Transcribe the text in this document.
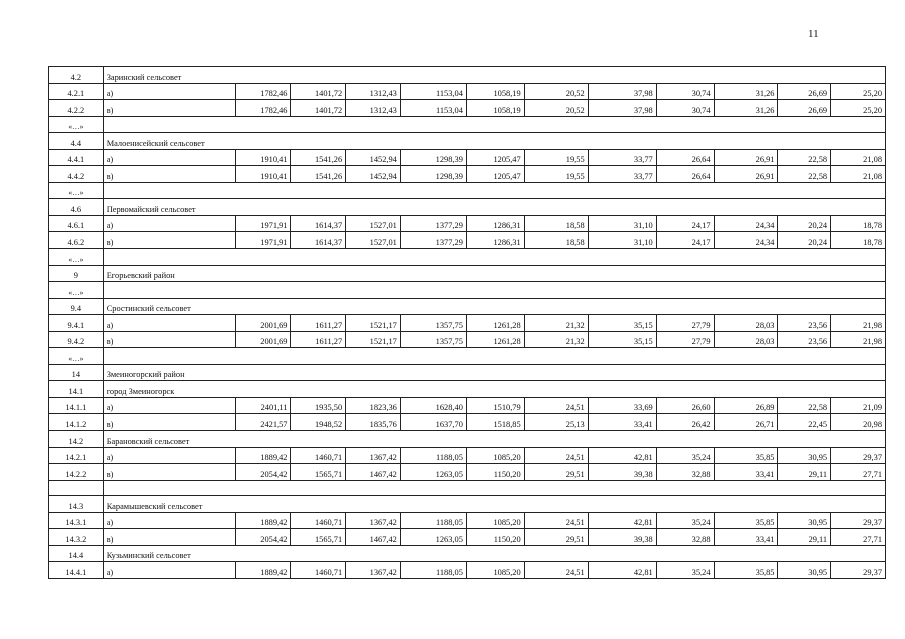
11
4.2	Заринский сельсовет											
4.2.1	а)	1782,46	1401,72	1312,43	1153,04	1058,19	20,52	37,98	30,74	31,26	26,69	25,20
4.2.2	в)	1782,46	1401,72	1312,43	1153,04	1058,19	20,52	37,98	30,74	31,26	26,69	25,20
«…»												
4.4	Малоенисейский сельсовет											
4.4.1	а)	1910,41	1541,26	1452,94	1298,39	1205,47	19,55	33,77	26,64	26,91	22,58	21,08
4.4.2	в)	1910,41	1541,26	1452,94	1298,39	1205,47	19,55	33,77	26,64	26,91	22,58	21,08
«…»												
4.6	Первомайский сельсовет											
4.6.1	а)	1971,91	1614,37	1527,01	1377,29	1286,31	18,58	31,10	24,17	24,34	20,24	18,78
4.6.2	в)	1971,91	1614,37	1527,01	1377,29	1286,31	18,58	31,10	24,17	24,34	20,24	18,78
«…»												
9	Егорьевский район											
«…»												
9.4	Сростинский сельсовет											
9.4.1	а)	2001,69	1611,27	1521,17	1357,75	1261,28	21,32	35,15	27,79	28,03	23,56	21,98
9.4.2	в)	2001,69	1611,27	1521,17	1357,75	1261,28	21,32	35,15	27,79	28,03	23,56	21,98
«…»												
14	Змеиногорский район											
14.1	город Змеиногорск											
14.1.1	а)	2401,11	1935,50	1823,36	1628,40	1510,79	24,51	33,69	26,60	26,89	22,58	21,09
14.1.2	в)	2421,57	1948,52	1835,76	1637,70	1518,85	25,13	33,41	26,42	26,71	22,45	20,98
14.2	Барановский сельсовет											
14.2.1	а)	1889,42	1460,71	1367,42	1188,05	1085,20	24,51	42,81	35,24	35,85	30,95	29,37
14.2.2	в)	2054,42	1565,71	1467,42	1263,05	1150,20	29,51	39,38	32,88	33,41	29,11	27,71

14.3	Карамышевский сельсовет											
14.3.1	а)	1889,42	1460,71	1367,42	1188,05	1085,20	24,51	42,81	35,24	35,85	30,95	29,37
14.3.2	в)	2054,42	1565,71	1467,42	1263,05	1150,20	29,51	39,38	32,88	33,41	29,11	27,71
14.4	Кузьминский сельсовет											
14.4.1	а)	1889,42	1460,71	1367,42	1188,05	1085,20	24,51	42,81	35,24	35,85	30,95	29,37
